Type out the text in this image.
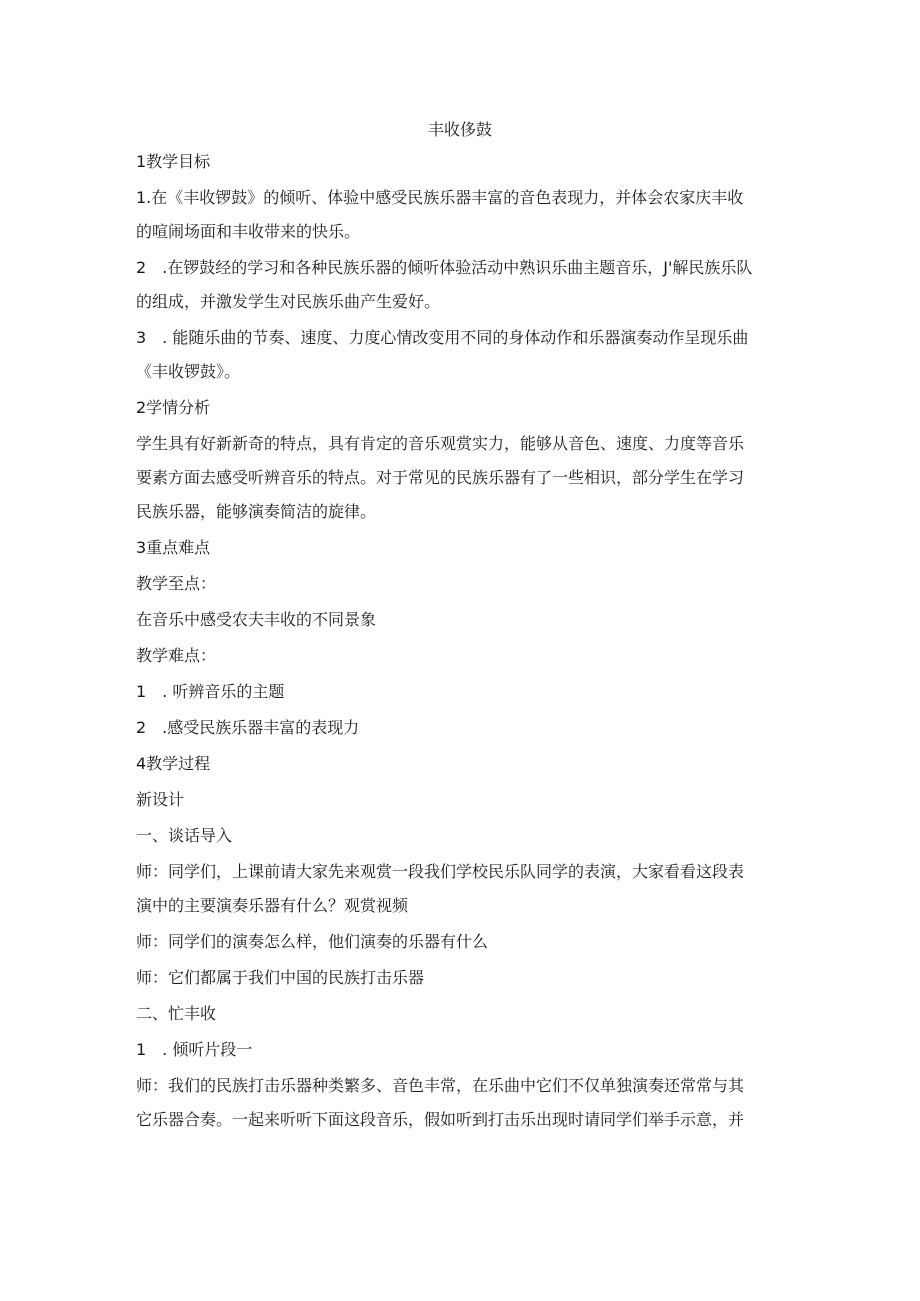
丰收侈鼓

1教学目标

1.在《丰收锣鼓》的倾听、体验中感受民族乐器丰富的音色表现力，并体会农家庆丰收

的喧闹场面和丰收带来的快乐。

2　.在锣鼓经的学习和各种民族乐器的倾听体验活动中熟识乐曲主题音乐，J'解民族乐队

的组成，并激发学生对民族乐曲产生爱好。

3　. 能随乐曲的节奏、速度、力度心情改变用不同的身体动作和乐器演奏动作呈现乐曲

《丰收锣鼓》。

2学情分析

学生具有好新新奇的特点，具有肯定的音乐观赏实力，能够从音色、速度、力度等音乐

要素方面去感受听辨音乐的特点。对于常见的民族乐器有了一些相识，部分学生在学习

民族乐器，能够演奏简洁的旋律。

3重点难点

教学至点：

在音乐中感受农夫丰收的不同景象

教学难点：

1　. 听辨音乐的主题

2　.感受民族乐器丰富的表现力

4教学过程

新设计

一、谈话导入

师：同学们，上课前请大家先来观赏一段我们学校民乐队同学的表演，大家看看这段表

演中的主要演奏乐器有什么？观赏视频

师：同学们的演奏怎么样，他们演奏的乐器有什么

师：它们都属于我们中国的民族打击乐器

二、忙丰收

1　. 倾听片段一

师：我们的民族打击乐器种类繁多、音色丰常，在乐曲中它们不仅单独演奏还常常与其

它乐器合奏。一起来听听下面这段音乐，假如听到打击乐出现时请同学们举手示意，并
